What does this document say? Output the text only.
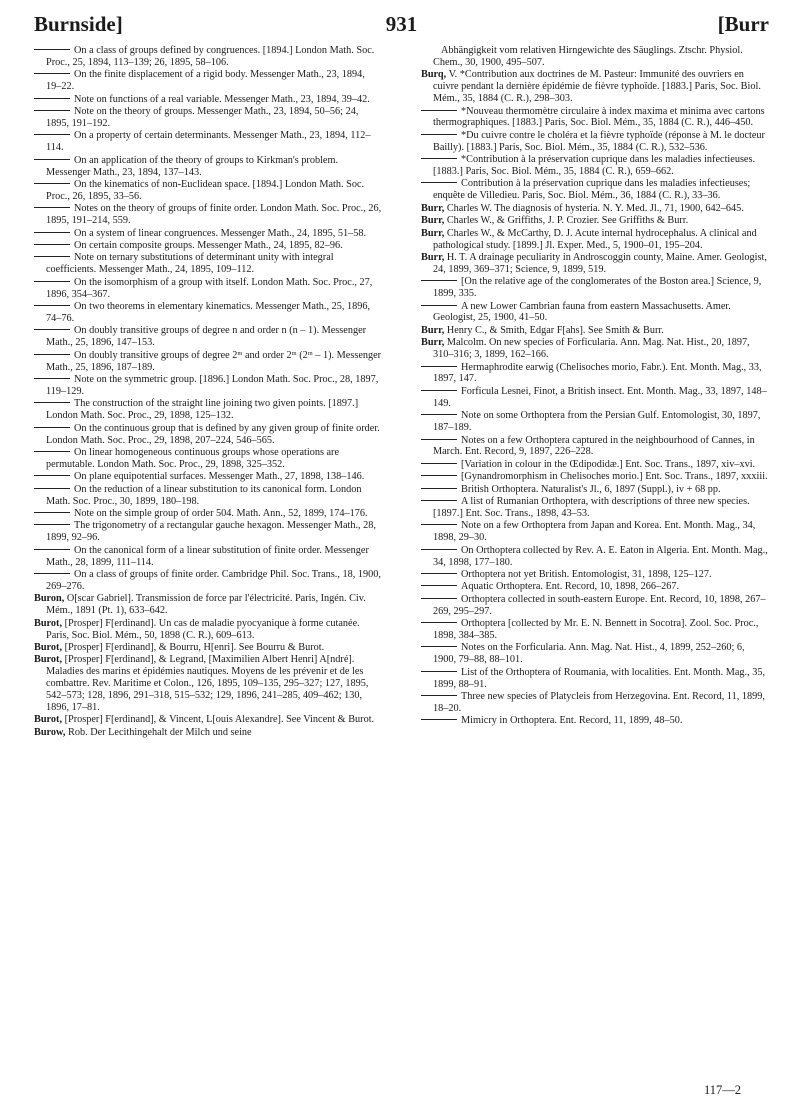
Burnside]	931	[Burr
On a class of groups defined by congruences. [1894.] London Math. Soc. Proc., 25, 1894, 113–139; 26, 1895, 58–106.
On the finite displacement of a rigid body. Messenger Math., 23, 1894, 19–22.
Note on functions of a real variable. Messenger Math., 23, 1894, 39–42.
Note on the theory of groups. Messenger Math., 23, 1894, 50–56; 24, 1895, 191–192.
On a property of certain determinants. Messenger Math., 23, 1894, 112–114.
On an application of the theory of groups to Kirkman's problem. Messenger Math., 23, 1894, 137–143.
On the kinematics of non-Euclidean space. [1894.] London Math. Soc. Proc., 26, 1895, 33–56.
Notes on the theory of groups of finite order. London Math. Soc. Proc., 26, 1895, 191–214, 559.
On a system of linear congruences. Messenger Math., 24, 1895, 51–58.
On certain composite groups. Messenger Math., 24, 1895, 82–96.
Note on ternary substitutions of determinant unity with integral coefficients. Messenger Math., 24, 1895, 109–112.
On the isomorphism of a group with itself. London Math. Soc. Proc., 27, 1896, 354–367.
On two theorems in elementary kinematics. Messenger Math., 25, 1896, 74–76.
On doubly transitive groups of degree n and order n (n – 1). Messenger Math., 25, 1896, 147–153.
On doubly transitive groups of degree 2ᵐ and order 2ᵐ (2ᵐ – 1). Messenger Math., 25, 1896, 187–189.
Note on the symmetric group. [1896.] London Math. Soc. Proc., 28, 1897, 119–129.
The construction of the straight line joining two given points. [1897.] London Math. Soc. Proc., 29, 1898, 125–132.
On the continuous group that is defined by any given group of finite order. London Math. Soc. Proc., 29, 1898, 207–224, 546–565.
On linear homogeneous continuous groups whose operations are permutable. London Math. Soc. Proc., 29, 1898, 325–352.
On plane equipotential surfaces. Messenger Math., 27, 1898, 138–146.
On the reduction of a linear substitution to its canonical form. London Math. Soc. Proc., 30, 1899, 180–198.
Note on the simple group of order 504. Math. Ann., 52, 1899, 174–176.
The trigonometry of a rectangular gauche hexagon. Messenger Math., 28, 1899, 92–96.
On the canonical form of a linear substitution of finite order. Messenger Math., 28, 1899, 111–114.
On a class of groups of finite order. Cambridge Phil. Soc. Trans., 18, 1900, 269–276.
Buron, O[scar Gabriel]. Transmission de force par l'électricité. Paris, Ingén. Civ. Mém., 1891 (Pt. 1), 633–642.
Burot, [Prosper] F[erdinand]. Un cas de maladie pyocyanique à forme cutanée. Paris, Soc. Biol. Mém., 50, 1898 (C. R.), 609–613.
Burot, [Prosper] F[erdinand], & Bourru, H[enri]. See Bourru & Burot.
Burot, [Prosper] F[erdinand], & Legrand, [Maximilien Albert Henri] A[ndré]. Maladies des marins et épidémies nautiques. Moyens de les prévenir et de les combattre. Rev. Maritime et Colon., 126, 1895, 109–135, 295–327; 127, 1895, 542–573; 128, 1896, 291–318, 515–532; 129, 1896, 241–285, 409–462; 130, 1896, 17–81.
Burot, [Prosper] F[erdinand], & Vincent, L[ouis Alexandre]. See Vincent & Burot.
Burow, Rob. Der Lecithingehalt der Milch und seine
Abhängigkeit vom relativen Hirngewichte des Säuglings. Ztschr. Physiol. Chem., 30, 1900, 495–507.
Burq, V. *Contribution aux doctrines de M. Pasteur: Immunité des ouvriers en cuivre pendant la dernière épidémie de fièvre typhoïde. [1883.] Paris, Soc. Biol. Mém., 35, 1884 (C. R.), 298–303.
*Nouveau thermomètre circulaire à index maxima et minima avec cartons thermographiques. [1883.] Paris, Soc. Biol. Mém., 35, 1884 (C. R.), 446–450.
*Du cuivre contre le choléra et la fièvre typhoïde (réponse à M. le docteur Bailly). [1883.] Paris, Soc. Biol. Mém., 35, 1884 (C. R.), 532–536.
*Contribution à la préservation cuprique dans les maladies infectieuses. [1883.] Paris, Soc. Biol. Mém., 35, 1884 (C. R.), 659–662.
Contribution à la préservation cuprique dans les maladies infectieuses; enquête de Villedieu. Paris, Soc. Biol. Mém., 36, 1884 (C. R.), 33–36.
Burr, Charles W. The diagnosis of hysteria. N. Y. Med. Jl., 71, 1900, 642–645.
Burr, Charles W., & Griffiths, J. P. Crozier. See Griffiths & Burr.
Burr, Charles W., & McCarthy, D. J. Acute internal hydrocephalus. A clinical and pathological study. [1899.] Jl. Exper. Med., 5, 1900–01, 195–204.
Burr, H. T. A drainage peculiarity in Androscoggin county, Maine. Amer. Geologist, 24, 1899, 369–371; Science, 9, 1899, 519.
[On the relative age of the conglomerates of the Boston area.] Science, 9, 1899, 335.
A new Lower Cambrian fauna from eastern Massachusetts. Amer. Geologist, 25, 1900, 41–50.
Burr, Henry C., & Smith, Edgar F[ahs]. See Smith & Burr.
Burr, Malcolm. On new species of Forficularia. Ann. Mag. Nat. Hist., 20, 1897, 310–316; 3, 1899, 162–166.
Hermaphrodite earwig (Chelisoches morio, Fabr.). Ent. Month. Mag., 33, 1897, 147.
Forficula Lesnei, Finot, a British insect. Ent. Month. Mag., 33, 1897, 148–149.
Note on some Orthoptera from the Persian Gulf. Entomologist, 30, 1897, 187–189.
Notes on a few Orthoptera captured in the neighbourhood of Cannes, in March. Ent. Record, 9, 1897, 226–228.
[Variation in colour in the Œdipodidæ.] Ent. Soc. Trans., 1897, xiv–xvi.
[Gynandromorphism in Chelisoches morio.] Ent. Soc. Trans., 1897, xxxiii.
British Orthoptera. Naturalist's Jl., 6, 1897 (Suppl.), iv + 68 pp.
A list of Rumanian Orthoptera, with descriptions of three new species. [1897.] Ent. Soc. Trans., 1898, 43–53.
Note on a few Orthoptera from Japan and Korea. Ent. Month. Mag., 34, 1898, 29–30.
On Orthoptera collected by Rev. A. E. Eaton in Algeria. Ent. Month. Mag., 34, 1898, 177–180.
Orthoptera not yet British. Entomologist, 31, 1898, 125–127.
Aquatic Orthoptera. Ent. Record, 10, 1898, 266–267.
Orthoptera collected in south-eastern Europe. Ent. Record, 10, 1898, 267–269, 295–297.
Orthoptera [collected by Mr. E. N. Bennett in Socotra]. Zool. Soc. Proc., 1898, 384–385.
Notes on the Forficularia. Ann. Mag. Nat. Hist., 4, 1899, 252–260; 6, 1900, 79–88, 88–101.
List of the Orthoptera of Roumania, with localities. Ent. Month. Mag., 35, 1899, 88–91.
Three new species of Platycleis from Herzegovina. Ent. Record, 11, 1899, 18–20.
Mimicry in Orthoptera. Ent. Record, 11, 1899, 48–50.
117—2
